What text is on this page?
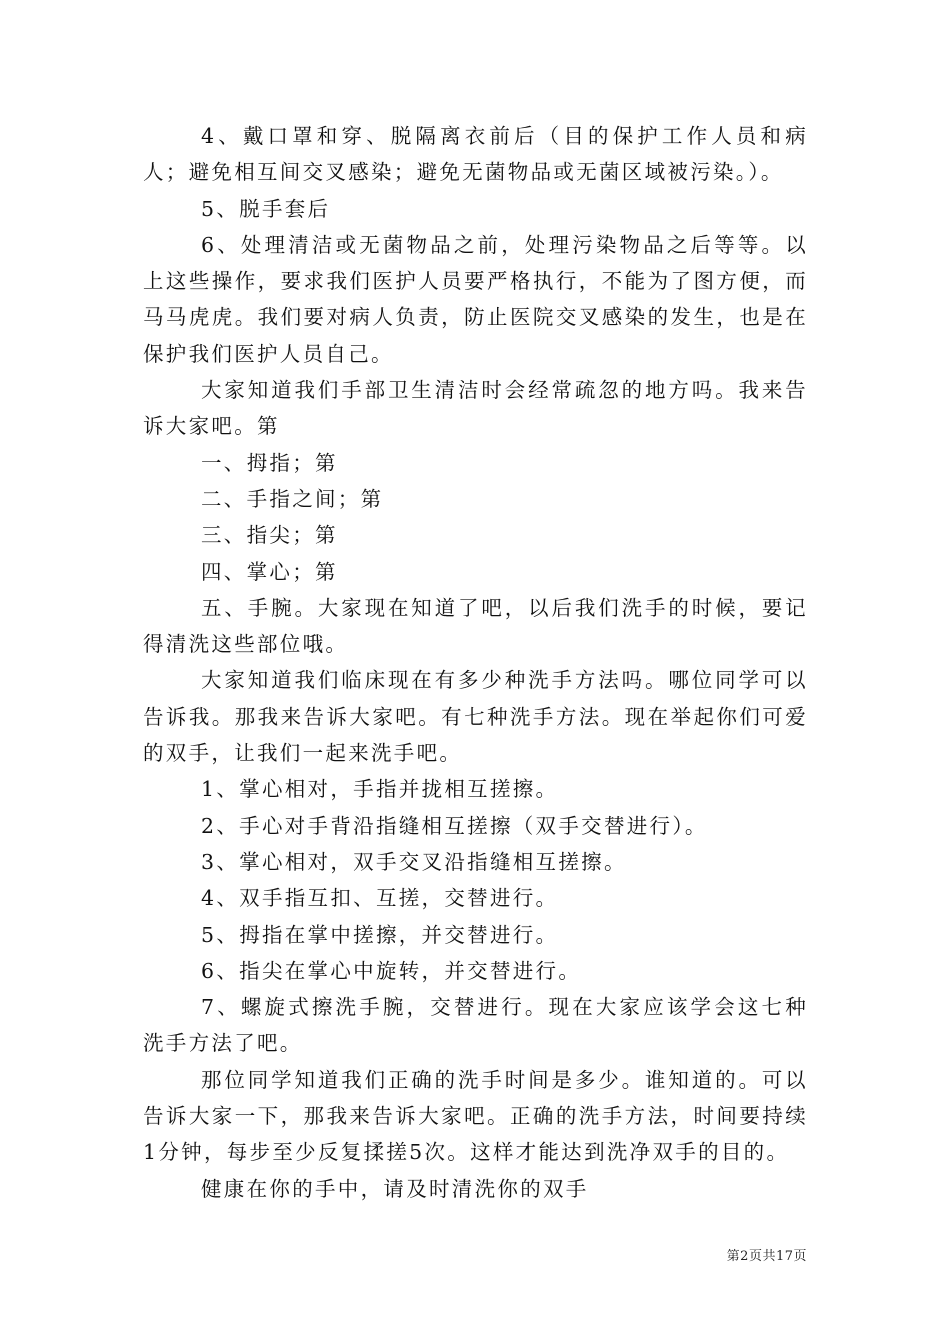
4、戴口罩和穿、脱隔离衣前后（目的保护工作人员和病人；避免相互间交叉感染；避免无菌物品或无菌区域被污染。）。

5、脱手套后

6、处理清洁或无菌物品之前，处理污染物品之后等等。以上这些操作，要求我们医护人员要严格执行，不能为了图方便，而马马虎虎。我们要对病人负责，防止医院交叉感染的发生，也是在保护我们医护人员自己。

大家知道我们手部卫生清洁时会经常疏忽的地方吗。我来告诉大家吧。第

一、拇指；第

二、手指之间；第

三、指尖；第

四、掌心；第

五、手腕。大家现在知道了吧，以后我们洗手的时候，要记得清洗这些部位哦。

大家知道我们临床现在有多少种洗手方法吗。哪位同学可以告诉我。那我来告诉大家吧。有七种洗手方法。现在举起你们可爱的双手，让我们一起来洗手吧。

1、掌心相对，手指并拢相互搓擦。

2、手心对手背沿指缝相互搓擦（双手交替进行）。

3、掌心相对，双手交叉沿指缝相互搓擦。

4、双手指互扣、互搓，交替进行。

5、拇指在掌中搓擦，并交替进行。

6、指尖在掌心中旋转，并交替进行。

7、螺旋式擦洗手腕，交替进行。现在大家应该学会这七种洗手方法了吧。

那位同学知道我们正确的洗手时间是多少。谁知道的。可以告诉大家一下，那我来告诉大家吧。正确的洗手方法，时间要持续1分钟，每步至少反复揉搓5次。这样才能达到洗净双手的目的。

健康在你的手中，请及时清洗你的双手

第2页共17页
